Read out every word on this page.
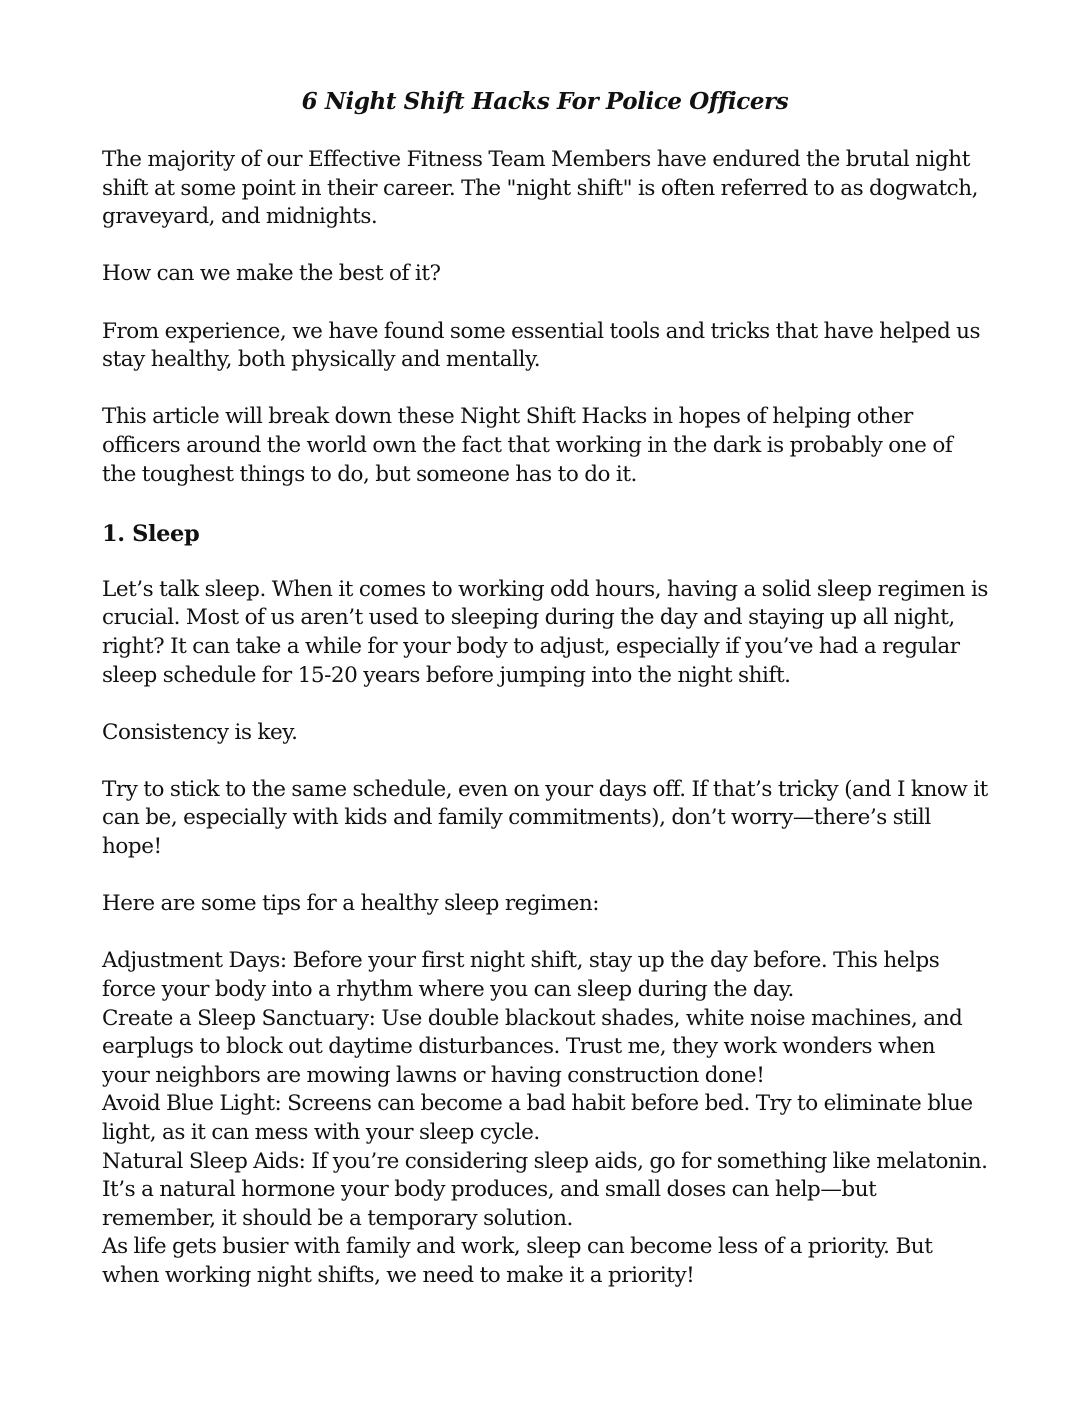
6 Night Shift Hacks For Police Officers

The majority of our Effective Fitness Team Members have endured the brutal night shift at some point in their career. The "night shift" is often referred to as dogwatch, graveyard, and midnights.

How can we make the best of it?

From experience, we have found some essential tools and tricks that have helped us stay healthy, both physically and mentally.

This article will break down these Night Shift Hacks in hopes of helping other officers around the world own the fact that working in the dark is probably one of the toughest things to do, but someone has to do it.

1. Sleep

Let’s talk sleep. When it comes to working odd hours, having a solid sleep regimen is crucial. Most of us aren’t used to sleeping during the day and staying up all night, right? It can take a while for your body to adjust, especially if you’ve had a regular sleep schedule for 15-20 years before jumping into the night shift.

Consistency is key.

Try to stick to the same schedule, even on your days off. If that’s tricky (and I know it can be, especially with kids and family commitments), don’t worry—there’s still hope!

Here are some tips for a healthy sleep regimen:

Adjustment Days: Before your first night shift, stay up the day before. This helps force your body into a rhythm where you can sleep during the day.

Create a Sleep Sanctuary: Use double blackout shades, white noise machines, and earplugs to block out daytime disturbances. Trust me, they work wonders when your neighbors are mowing lawns or having construction done!

Avoid Blue Light: Screens can become a bad habit before bed. Try to eliminate blue light, as it can mess with your sleep cycle.

Natural Sleep Aids: If you’re considering sleep aids, go for something like melatonin. It’s a natural hormone your body produces, and small doses can help—but remember, it should be a temporary solution.

As life gets busier with family and work, sleep can become less of a priority. But when working night shifts, we need to make it a priority!
